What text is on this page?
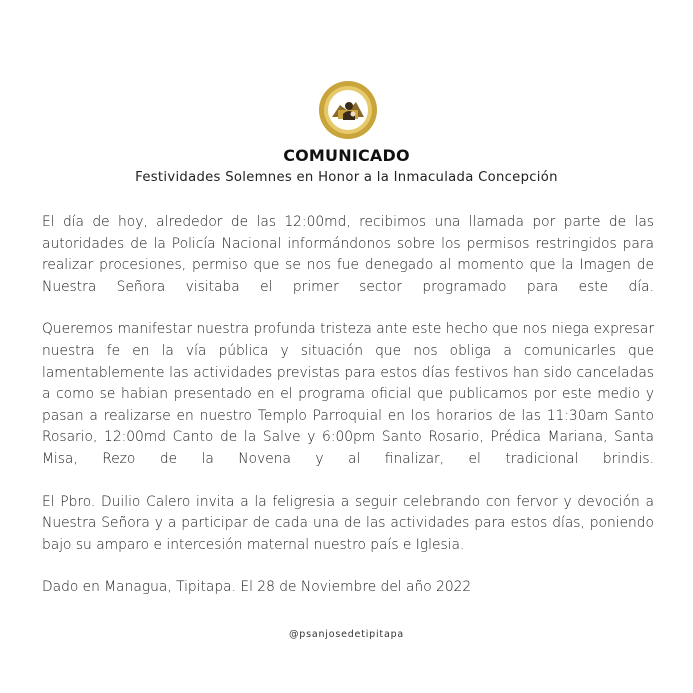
COMUNICADO
Festividades Solemnes en Honor a la Inmaculada Concepción

El día de hoy, alrededor de las 12:00md, recibimos una llamada por parte de las autoridades de la Policía Nacional informándonos sobre los permisos restringidos para realizar procesiones, permiso que se nos fue denegado al momento que la Imagen de Nuestra Señora visitaba el primer sector programado para este día.

Queremos manifestar nuestra profunda tristeza ante este hecho que nos niega expresar nuestra fe en la vía pública y situación que nos obliga a comunicarles que lamentablemente las actividades previstas para estos días festivos han sido canceladas a como se habian presentado en el programa oficial que publicamos por este medio y pasan a realizarse en nuestro Templo Parroquial en los horarios de las 11:30am Santo Rosario, 12:00md Canto de la Salve y 6:00pm Santo Rosario, Prédica Mariana, Santa Misa, Rezo de la Novena y al finalizar, el tradicional brindis.

El Pbro. Duilio Calero invita a la feligresia a seguir celebrando con fervor y devoción a Nuestra Señora y a participar de cada una de las actividades para estos días, poniendo bajo su amparo e intercesión maternal nuestro país e Iglesia.

Dado en Managua, Tipitapa. El 28 de Noviembre del año 2022

@psanjosedetipitapa
